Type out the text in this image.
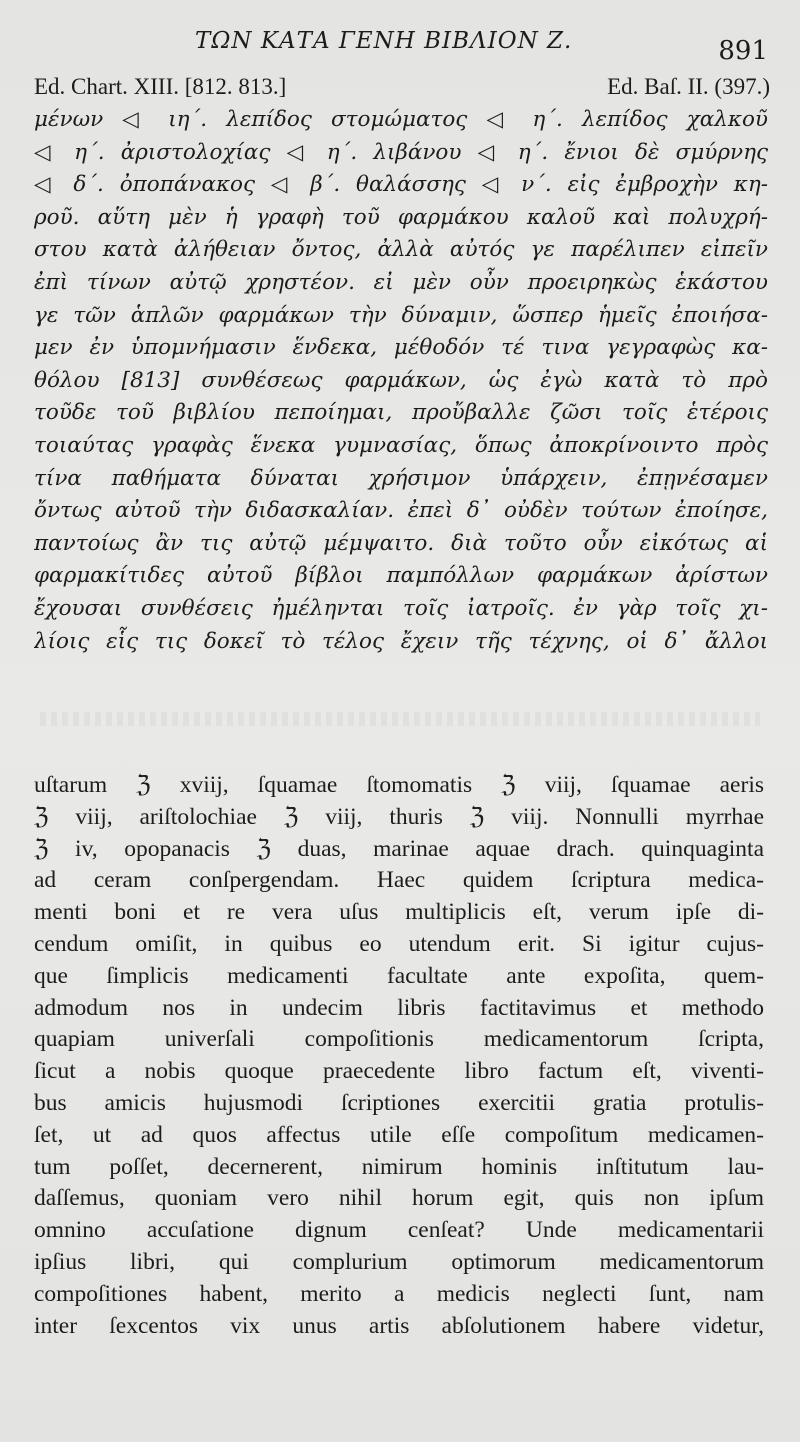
ΤΩΝ ΚΑΤΑ ΓΕΝΗ ΒΙΒΛΙΟΝ Ζ.	891
Ed. Chart. XIII. [812. 813.]	Ed. Baſ. II. (397.)
μένων ◁ ιη΄. λεπίδος στομώματος ◁ η΄. λεπίδος χαλκοῦ
◁ η΄. ἀριστολοχίας ◁ η΄. λιβάνου ◁ η΄. ἔνιοι δὲ σμύρνης
◁ δ΄. ὀποπάνακος ◁ β΄. θαλάσσης ◁ ν΄. εἰς ἐμβροχὴν κη-
ροῦ. αὕτη μὲν ἡ γραφὴ τοῦ φαρμάκου καλοῦ καὶ πολυχρή-
στου κατὰ ἀλήθειαν ὄντος, ἀλλὰ αὐτός γε παρέλιπεν εἰπεῖν
ἐπὶ τίνων αὐτῷ χρηστέον. εἰ μὲν οὖν προειρηκὼς ἑκάστου
γε τῶν ἁπλῶν φαρμάκων τὴν δύναμιν, ὥσπερ ἡμεῖς ἐποιήσα-
μεν ἐν ὑπομνήμασιν ἕνδεκα, μέθοδόν τέ τινα γεγραφὼς κα-
θόλου [813] συνθέσεως φαρμάκων, ὡς ἐγὼ κατὰ τὸ πρὸ
τοῦδε τοῦ βιβλίου πεποίημαι, προὔβαλλε ζῶσι τοῖς ἑτέροις
τοιαύτας γραφὰς ἕνεκα γυμνασίας, ὅπως ἀποκρίνοιντο πρὸς
τίνα παθήματα δύναται χρήσιμον ὑπάρχειν, ἐπῃνέσαμεν
ὄντως αὐτοῦ τὴν διδασκαλίαν. ἐπεὶ δ᾽ οὐδὲν τούτων ἐποίησε,
παντοίως ἂν τις αὐτῷ μέμψαιτο. διὰ τοῦτο οὖν εἰκότως αἱ
φαρμακίτιδες αὐτοῦ βίβλοι παμπόλλων φαρμάκων ἀρίστων
ἔχουσαι συνθέσεις ἠμέληνται τοῖς ἰατροῖς. ἐν γὰρ τοῖς χι-
λίοις εἷς τις δοκεῖ τὸ τέλος ἔχειν τῆς τέχνης, οἱ δ᾽ ἄλλοι
uſtarum ℨ xviij, ſquamae ſtomomatis ℨ viij, ſquamae aeris
ℨ viij, ariſtolochiae ℨ viij, thuris ℨ viij. Nonnulli myrrhae
ℨ iv, opopanacis ℨ duas, marinae aquae drach. quinquaginta
ad ceram conſpergendam. Haec quidem ſcriptura medica-
menti boni et re vera uſus multiplicis eſt, verum ipſe di-
cendum omiſit, in quibus eo utendum erit. Si igitur cujus-
que ſimplicis medicamenti facultate ante expoſita, quem-
admodum nos in undecim libris factitavimus et methodo
quapiam univerſali compoſitionis medicamentorum ſcripta,
ſicut a nobis quoque praecedente libro factum eſt, viventi-
bus amicis hujusmodi ſcriptiones exercitii gratia protulis-
ſet, ut ad quos affectus utile eſſe compoſitum medicamen-
tum poſſet, decernerent, nimirum hominis inſtitutum lau-
daſſemus, quoniam vero nihil horum egit, quis non ipſum
omnino accuſatione dignum cenſeat? Unde medicamentarii
ipſius libri, qui complurium optimorum medicamentorum
compoſitiones habent, merito a medicis neglecti ſunt, nam
inter ſexcentos vix unus artis abſolutionem habere videtur,
